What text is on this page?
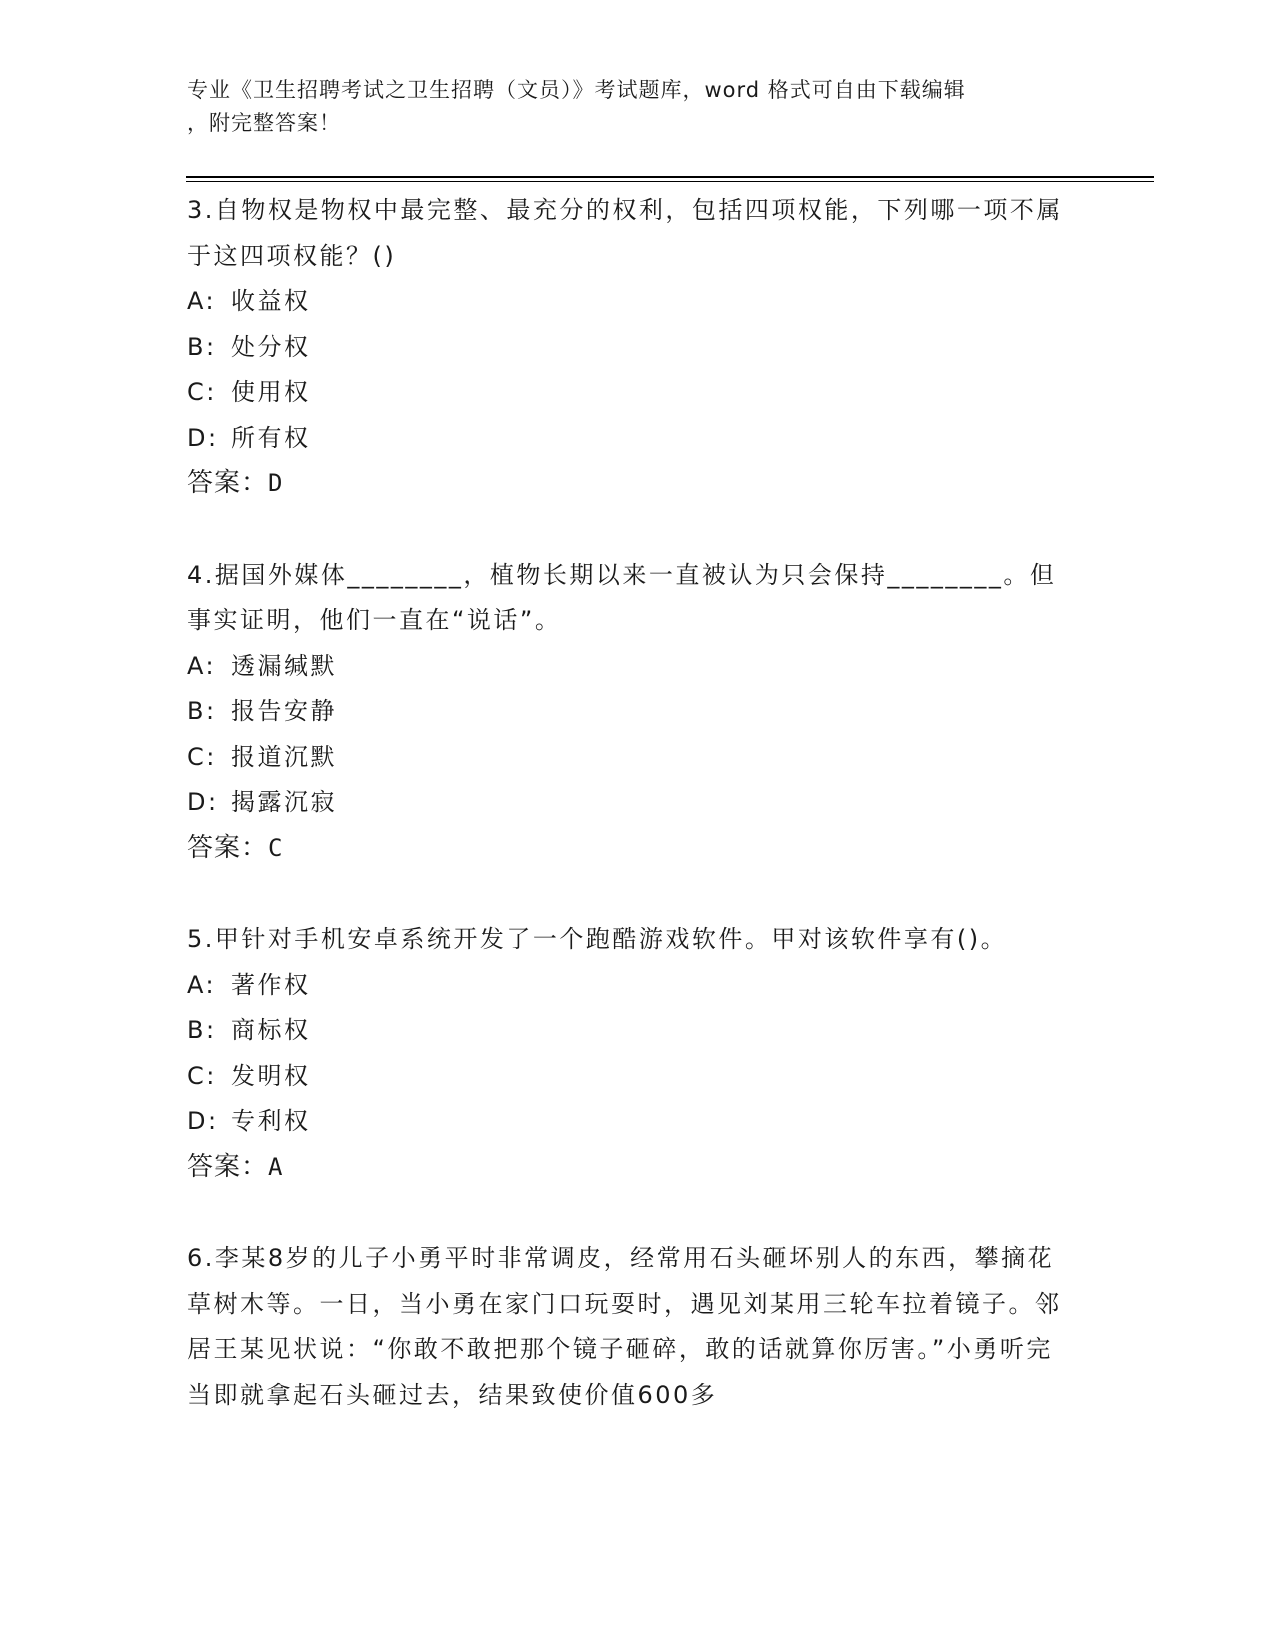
专业《卫生招聘考试之卫生招聘（文员）》考试题库，word 格式可自由下载编辑
，附完整答案！

3.自物权是物权中最完整、最充分的权利，包括四项权能，下列哪一项不属于这四项权能？()

A: 收益权

B: 处分权

C: 使用权

D: 所有权

答案：D

4.据国外媒体________，植物长期以来一直被认为只会保持________。但事实证明，他们一直在“说话”。

A: 透漏缄默

B: 报告安静

C: 报道沉默

D: 揭露沉寂

答案：C

5.甲针对手机安卓系统开发了一个跑酷游戏软件。甲对该软件享有()。

A: 著作权

B: 商标权

C: 发明权

D: 专利权

答案：A

6.李某8岁的儿子小勇平时非常调皮，经常用石头砸坏别人的东西，攀摘花草树木等。一日，当小勇在家门口玩耍时，遇见刘某用三轮车拉着镜子。邻居王某见状说：“你敢不敢把那个镜子砸碎，敢的话就算你厉害。”小勇听完当即就拿起石头砸过去，结果致使价值600多
